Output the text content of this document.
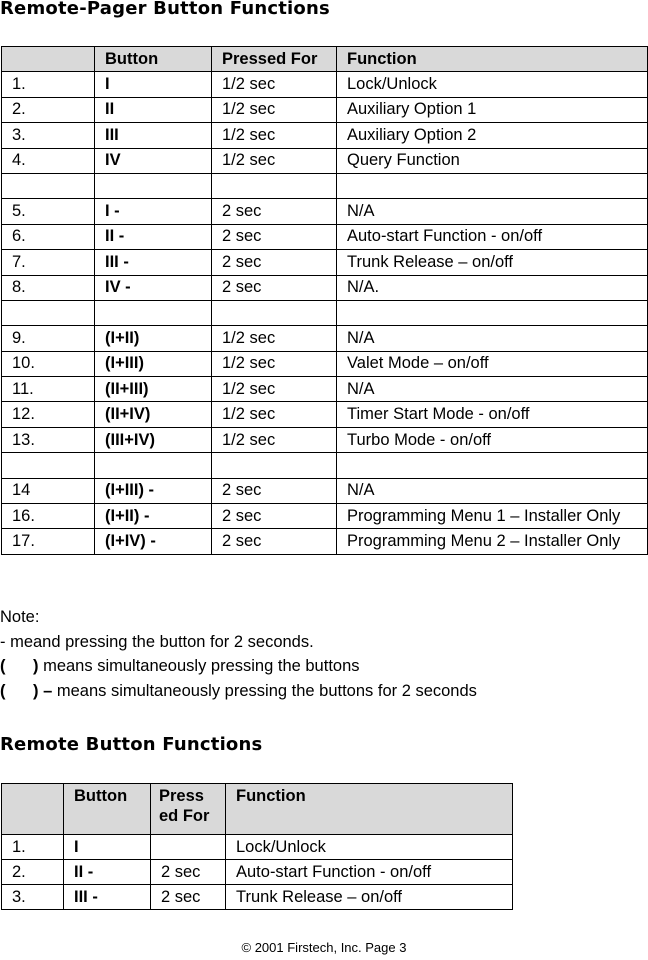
Remote-Pager Button Functions
	Button	Pressed For	Function
1.	I	1/2 sec	Lock/Unlock
2.	II	1/2 sec	Auxiliary Option 1
3.	III	1/2 sec	Auxiliary Option 2
4.	IV	1/2 sec	Query Function

5.	I -	2 sec	N/A
6.	II -	2 sec	Auto-start Function - on/off
7.	III -	2 sec	Trunk Release – on/off
8.	IV -	2 sec	N/A.

9.	(I+II)	1/2 sec	N/A
10.	(I+III)	1/2 sec	Valet Mode – on/off
11.	(II+III)	1/2 sec	N/A
12.	(II+IV)	1/2 sec	Timer Start Mode - on/off
13.	(III+IV)	1/2 sec	Turbo Mode - on/off

14	(I+III) -	2 sec	N/A
16.	(I+II) -	2 sec	Programming Menu 1 – Installer Only
17.	(I+IV) -	2 sec	Programming Menu 2 – Installer Only
Note:
- meand pressing the button for 2 seconds.
(      ) means simultaneously pressing the buttons
(      ) – means simultaneously pressing the buttons for 2 seconds
Remote Button Functions
	Button	Press
ed For	Function
1.	I		Lock/Unlock
2.	II -	2 sec	Auto-start Function - on/off
3.	III -	2 sec	Trunk Release – on/off
© 2001 Firstech, Inc. Page 3
